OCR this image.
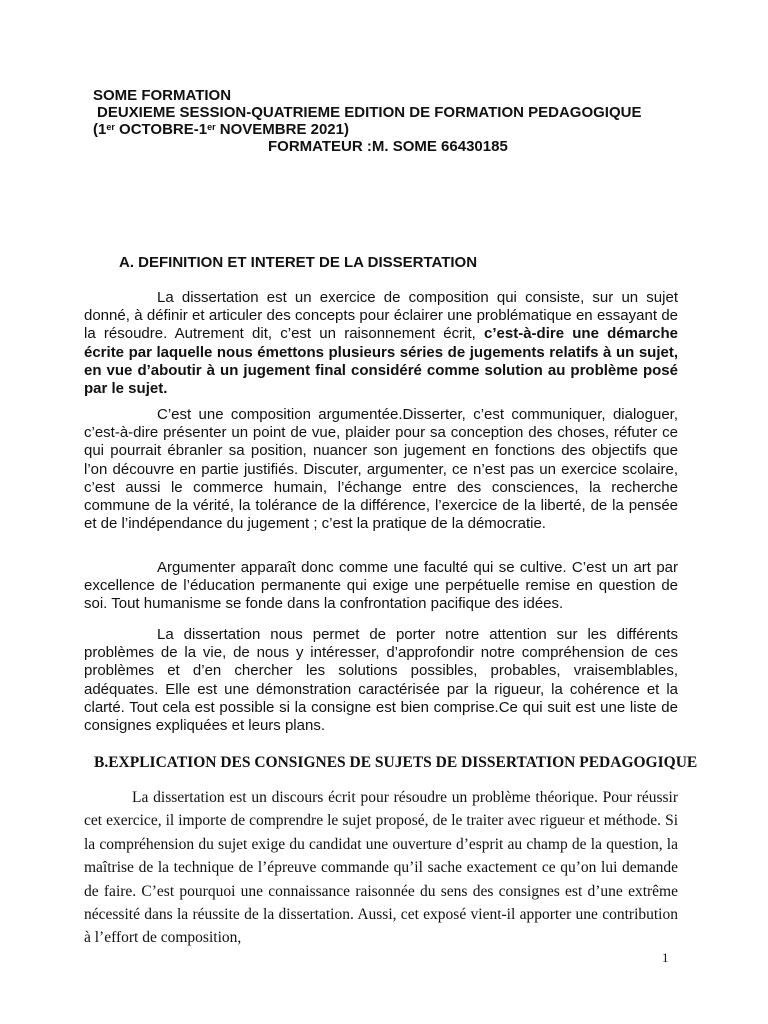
SOME FORMATION
DEUXIEME SESSION-QUATRIEME EDITION DE FORMATION PEDAGOGIQUE
(1er OCTOBRE-1er NOVEMBRE 2021)
FORMATEUR :M. SOME 66430185
A. DEFINITION ET INTERET DE LA DISSERTATION

La dissertation est un exercice de composition qui consiste, sur un sujet donné, à définir et articuler des concepts pour éclairer une problématique en essayant de la résoudre. Autrement dit, c’est un raisonnement écrit, c’est-à-dire une démarche écrite par laquelle nous émettons plusieurs séries de jugements relatifs à un sujet, en vue d’aboutir à un jugement final considéré comme solution au problème posé par le sujet.

C’est une composition argumentée.Disserter, c’est communiquer, dialoguer, c’est-à-dire présenter un point de vue, plaider pour sa conception des choses, réfuter ce qui pourrait ébranler sa position, nuancer son jugement en fonctions des objectifs que l’on découvre en partie justifiés. Discuter, argumenter, ce n’est pas un exercice scolaire, c’est aussi le commerce humain, l’échange entre des consciences, la recherche commune de la vérité, la tolérance de la différence, l’exercice de la liberté, de la pensée et de l’indépendance du jugement ; c’est la pratique de la démocratie.

Argumenter apparaît donc comme une faculté qui se cultive. C’est un art par excellence de l’éducation permanente qui exige une perpétuelle remise en question de soi. Tout humanisme se fonde dans la confrontation pacifique des idées.

La dissertation nous permet de porter notre attention sur les différents problèmes de la vie, de nous y intéresser, d’approfondir notre compréhension de ces problèmes et d’en chercher les solutions possibles, probables, vraisemblables, adéquates. Elle est une démonstration caractérisée par la rigueur, la cohérence et la clarté. Tout cela est possible si la consigne est bien comprise.Ce qui suit est une liste de consignes expliquées et leurs plans.

B.EXPLICATION DES CONSIGNES DE SUJETS DE DISSERTATION PEDAGOGIQUE

La dissertation est un discours écrit pour résoudre un problème théorique. Pour réussir cet exercice, il importe de comprendre le sujet proposé, de le traiter avec rigueur et méthode. Si la compréhension du sujet exige du candidat une ouverture d’esprit au champ de la question, la maîtrise de la technique de l’épreuve commande qu’il sache exactement ce qu’on lui demande de faire. C’est pourquoi une connaissance raisonnée du sens des consignes est d’une extrême nécessité dans la réussite de la dissertation. Aussi, cet exposé vient-il apporter une contribution à l’effort de composition,

1
